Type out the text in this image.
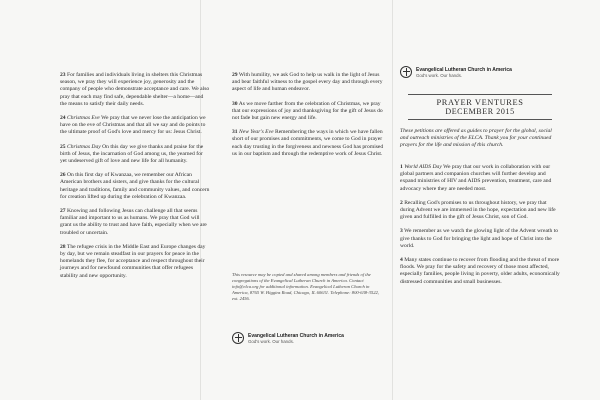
23 For families and individuals living in shelters this Christmas season, we pray they will experience joy, generosity and the company of people who demonstrate acceptance and care. We also pray that each may find safe, dependable shelter—a home—and the means to satisfy their daily needs.

24 Christmas Eve We pray that we never lose the anticipation we have on the eve of Christmas and that all we say and do points to the ultimate proof of God's love and mercy for us: Jesus Christ.

25 Christmas Day On this day we give thanks and praise for the birth of Jesus, the incarnation of God among us, the yearned for yet undeserved gift of love and new life for all humanity.

26 On this first day of Kwanzaa, we remember our African American brothers and sisters, and give thanks for the cultural heritage and traditions, family and community values, and concern for creation lifted up during the celebration of Kwanzaa.

27 Knowing and following Jesus can challenge all that seems familiar and important to us as humans. We pray that God will grant us the ability to trust and have faith, especially when we are troubled or uncertain.

28 The refugee crisis in the Middle East and Europe changes day by day, but we remain steadfast in our prayers for peace in the homelands they flee, for acceptance and respect throughout their journeys and for newfound communities that offer refugees stability and new opportunity.

29 With humility, we ask God to help us walk in the light of Jesus and bear faithful witness to the gospel every day and through every aspect of life and human endeavor.

30 As we move farther from the celebration of Christmas, we pray that our expressions of joy and thanksgiving for the gift of Jesus do not fade but gain new energy and life.

31 New Year's Eve Remembering the ways in which we have fallen short of our promises and commitments, we come to God in prayer each day trusting in the forgiveness and newness God has promised us in our baptism and through the redemptive work of Jesus Christ.

This resource may be copied and shared among members and friends of the congregations of the Evangelical Lutheran Church in America. Contact info@elca.org for additional information. Evangelical Lutheran Church in America, 8765 W. Higgins Road, Chicago, IL 60631. Telephone: 800-638-3522, ext. 2456.

Evangelical Lutheran Church in America
God's work. Our hands.
Evangelical Lutheran Church in America
God's work. Our hands.
PRAYER VENTURES
DECEMBER 2015

These petitions are offered as guides to prayer for the global, social and outreach ministries of the ELCA. Thank you for your continued prayers for the life and mission of this church.

1 World AIDS Day We pray that our work in collaboration with our global partners and companion churches will further develop and expand ministries of HIV and AIDS prevention, treatment, care and advocacy where they are needed most.

2 Recalling God's promises to us throughout history, we pray that during Advent we are immersed in the hope, expectation and new life given and fulfilled in the gift of Jesus Christ, son of God.

3 We remember as we watch the glowing light of the Advent wreath to give thanks to God for bringing the light and hope of Christ into the world.

4 Many states continue to recover from flooding and the threat of more floods. We pray for the safety and recovery of those most affected, especially families, people living in poverty, older adults, economically distressed communities and small businesses.
